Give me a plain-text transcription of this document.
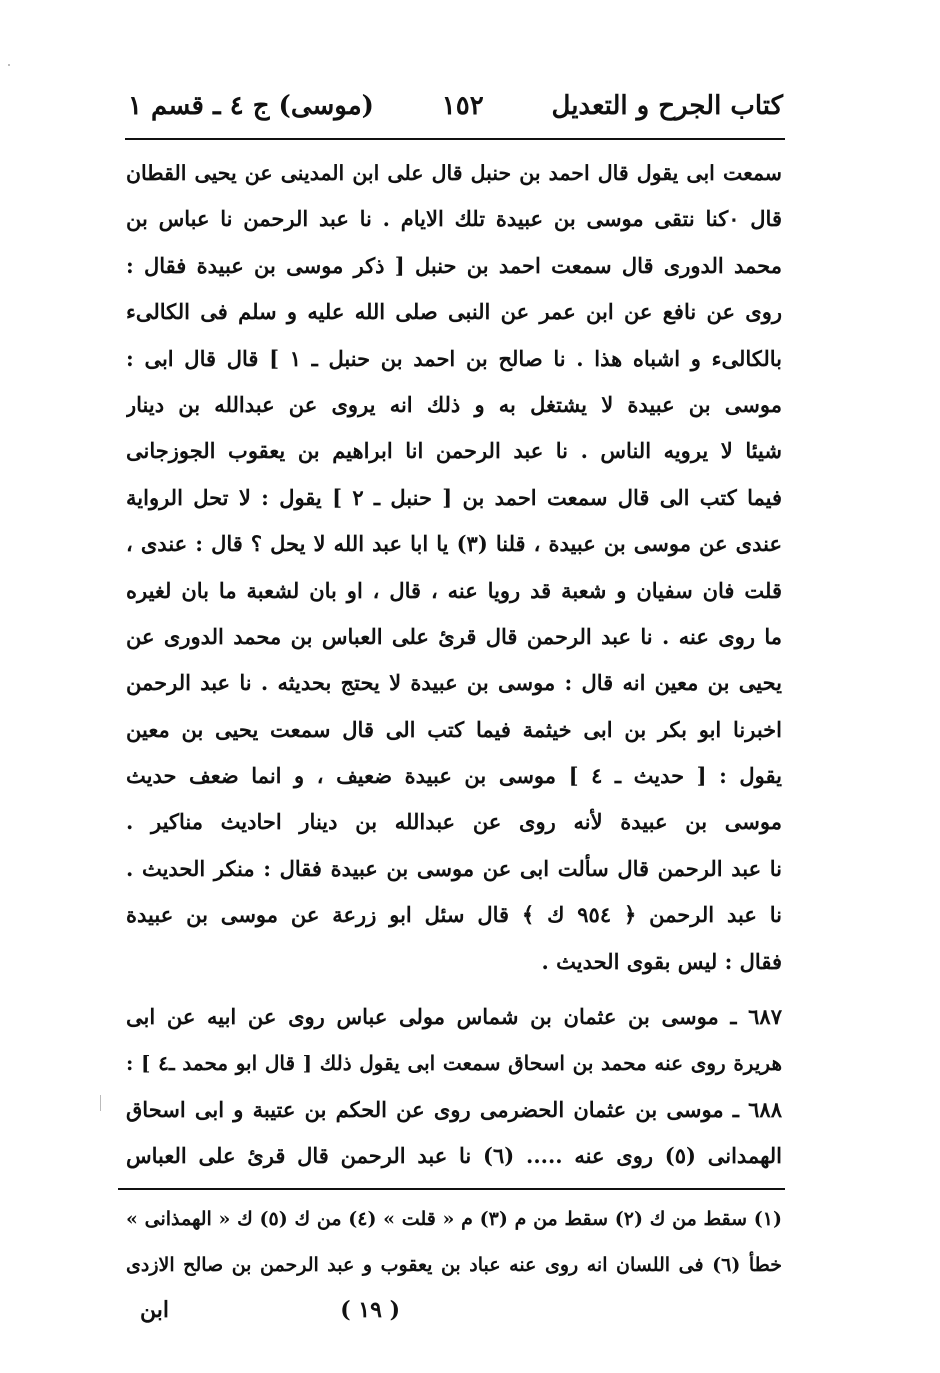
كتاب الجرح و التعديل
١٥٢
(موسى) ج ٤ ـ قسم ١
سمعت ابى يقول قال احمد بن حنبل قال على ابن المدينى عن يحيى القطان
قال ٠كنا نتقى موسى بن عبيدة تلك الايام . نا عبد الرحمن نا عباس بن
محمد الدورى قال سمعت احمد بن حنبل [ ذكر موسى بن عبيدة فقال :
روى عن نافع عن ابن عمر عن النبى صلى الله عليه و سلم فى الكالىء
بالكالىء و اشباه هذا . نا صالح بن احمد بن حنبل ـ ١ ] قال قال ابى :
موسى بن عبيدة لا يشتغل به و ذلك انه يروى عن عبدالله بن دينار
شيئا لا يرويه الناس . نا عبد الرحمن انا ابراهيم بن يعقوب الجوزجانى
فيما كتب الى قال سمعت احمد بن [ حنبل ـ ٢ ] يقول : لا تحل الرواية
عندى عن موسى بن عبيدة ، قلنا (٣) يا ابا عبد الله لا يحل ؟ قال : عندى ،
قلت فان سفيان و شعبة قد رويا عنه ، قال ، او بان لشعبة ما بان لغيره
ما روى عنه . نا عبد الرحمن قال قرئ على العباس بن محمد الدورى عن
يحيى بن معين انه قال : موسى بن عبيدة لا يحتج بحديثه . نا عبد الرحمن
اخبرنا ابو بكر بن ابى خيثمة فيما كتب الى قال سمعت يحيى بن معين
يقول : [ حديث ـ ٤ ] موسى بن عبيدة ضعيف ، و انما ضعف حديث
موسى بن عبيدة لأنه روى عن عبدالله بن دينار احاديث مناكير .
نا عبد الرحمن قال سألت ابى عن موسى بن عبيدة فقال : منكر الحديث .
نا عبد الرحمن ﴿ ٩٥٤ ك ﴾ قال سئل ابو زرعة عن موسى بن عبيدة
فقال : ليس بقوى الحديث .
٦٨٧ ـ موسى بن عثمان بن شماس مولى عباس روى عن ابيه عن ابى
هريرة روى عنه محمد بن اسحاق سمعت ابى يقول ذلك [ قال ابو محمد ـ٤ ] :
٦٨٨ ـ موسى بن عثمان الحضرمى روى عن الحكم بن عتيبة و ابى اسحاق
الهمدانى (٥) روى عنه ..... (٦) نا عبد الرحمن قال قرئ على العباس
(١) سقط من ك (٢) سقط من م (٣) م « قلت » (٤) من ك (٥) ك « الهمذانى »
خطأ (٦) فى اللسان انه روى عنه عباد بن يعقوب و عبد الرحمن بن صالح الازدى
( ١٩ )
ابن
